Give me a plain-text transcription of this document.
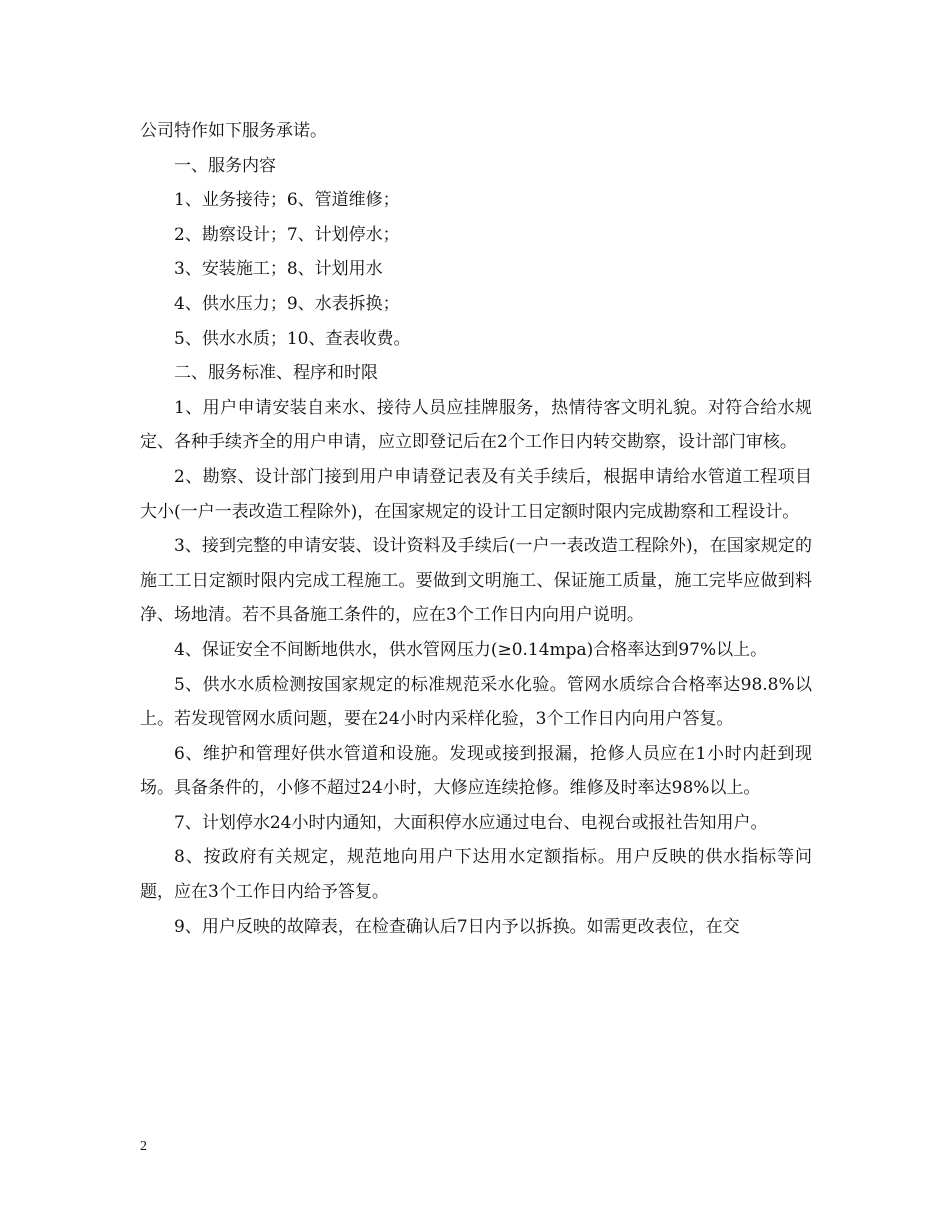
公司特作如下服务承诺。

一、服务内容

1、业务接待；6、管道维修；

2、勘察设计；7、计划停水；

3、安装施工；8、计划用水

4、供水压力；9、水表拆换；

5、供水水质；10、查表收费。

二、服务标准、程序和时限

1、用户申请安装自来水、接待人员应挂牌服务，热情待客文明礼貌。对符合给水规定、各种手续齐全的用户申请，应立即登记后在2个工作日内转交勘察，设计部门审核。

2、勘察、设计部门接到用户申请登记表及有关手续后，根据申请给水管道工程项目大小(一户一表改造工程除外)，在国家规定的设计工日定额时限内完成勘察和工程设计。

3、接到完整的申请安装、设计资料及手续后(一户一表改造工程除外)，在国家规定的施工工日定额时限内完成工程施工。要做到文明施工、保证施工质量，施工完毕应做到料净、场地清。若不具备施工条件的，应在3个工作日内向用户说明。

4、保证安全不间断地供水，供水管网压力(≥0.14mpa)合格率达到97%以上。

5、供水水质检测按国家规定的标准规范采水化验。管网水质综合合格率达98.8%以上。若发现管网水质问题，要在24小时内采样化验，3个工作日内向用户答复。

6、维护和管理好供水管道和设施。发现或接到报漏，抢修人员应在1小时内赶到现场。具备条件的，小修不超过24小时，大修应连续抢修。维修及时率达98%以上。

7、计划停水24小时内通知，大面积停水应通过电台、电视台或报社告知用户。

8、按政府有关规定，规范地向用户下达用水定额指标。用户反映的供水指标等问题，应在3个工作日内给予答复。

9、用户反映的故障表，在检查确认后7日内予以拆换。如需更改表位，在交

2
